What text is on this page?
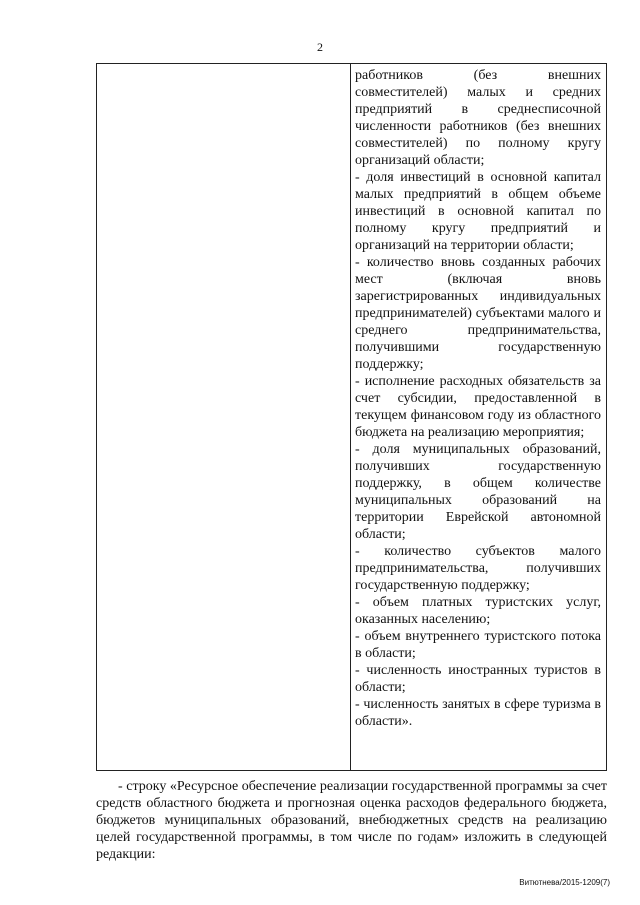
2

работников (без внешних совместителей) малых и средних предприятий в среднесписочной численности работников (без внешних совместителей) по полному кругу организаций области;

- доля инвестиций в основной капитал малых предприятий в общем объеме инвестиций в основной капитал по полному кругу предприятий и организаций на территории области;

- количество вновь созданных рабочих мест (включая вновь зарегистрированных индивидуальных предпринимателей) субъектами малого и среднего предпринимательства, получившими государственную поддержку;

- исполнение расходных обязательств за счет субсидии, предоставленной в текущем финансовом году из областного бюджета на реализацию мероприятия;

- доля муниципальных образований, получивших государственную поддержку, в общем количестве муниципальных образований на территории Еврейской автономной области;

- количество субъектов малого предпринимательства, получивших государственную поддержку;

- объем платных туристских услуг, оказанных населению;

- объем внутреннего туристского потока в области;

- численность иностранных туристов в области;

- численность занятых в сфере туризма в области».

- строку «Ресурсное обеспечение реализации государственной программы за счет средств областного бюджета и прогнозная оценка расходов федерального бюджета, бюджетов муниципальных образований, внебюджетных средств на реализацию целей государственной программы, в том числе по годам» изложить в следующей редакции:

Витютнева/2015-1209(7)
